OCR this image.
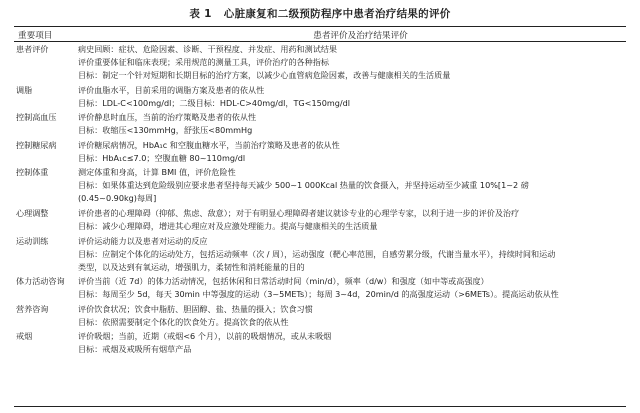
表 1 心脏康复和二级预防程序中患者治疗结果的评价
重要项目	患者评价及治疗结果评价
患者评价	病史回顾：症状、危险因素、诊断、干预程度、并发症、用药和测试结果
评价重要体征和临床表现；采用规范的测量工具，评价治疗的各种指标
目标：制定一个针对短期和长期目标的治疗方案，以减少心血管病危险因素，改善与健康相关的生活质量
调脂	评价血脂水平，目前采用的调脂方案及患者的依从性
目标：LDL-C<100mg/dl；二级目标：HDL-C>40mg/dl，TG<150mg/dl
控制高血压	评价静息时血压，当前的治疗策略及患者的依从性
目标：收缩压<130mmHg，舒张压<80mmHg
控制糖尿病	评价糖尿病情况，HbA₁c 和空腹血糖水平，当前治疗策略及患者的依从性
目标：HbA₁c≤7.0；空腹血糖 80~110mg/dl
控制体重	测定体重和身高，计算 BMI 值，评价危险性
目标：如果体重达到危险级别应要求患者坚持每天减少 500~1 000Kcal 热量的饮食摄入，并坚持运动至少减重 10%[1~2 磅
(0.45~0.90kg)每周]
心理调整	评价患者的心理障碍（抑郁、焦虑、敌意）；对于有明显心理障碍者建议就诊专业的心理学专家，以利于进一步的评价及治疗
目标：减少心理障碍，增进其心理应对及应激处理能力。提高与健康相关的生活质量
运动训练	评价运动能力以及患者对运动的反应
目标：应制定个体化的运动处方，包括运动频率（次 / 周），运动强度（靶心率范围，自感劳累分级，代谢当量水平），持续时间和运动
类型，以及达到有氧运动，增强肌力，柔韧性和消耗能量的目的
体力活动咨询 评价当前（近 7d）的体力活动情况，包括休闲和日常活动时间（min/d），频率（d/w）和强度（如中等或高强度）
目标：每周至少 5d，每天 30min 中等强度的运动（3~5METs）；每周 3~4d，20min/d 的高强度运动（>6METs）。提高运动依从性
营养咨询	评价饮食状况；饮食中脂肪、胆固醇、盐、热量的摄入；饮食习惯
目标：依照需要制定个体化的饮食处方。提高饮食的依从性
戒烟	评价吸烟；当前，近期（戒烟<6 个月），以前的吸烟情况，或从未吸烟
目标：戒烟及戒吸所有烟草产品
